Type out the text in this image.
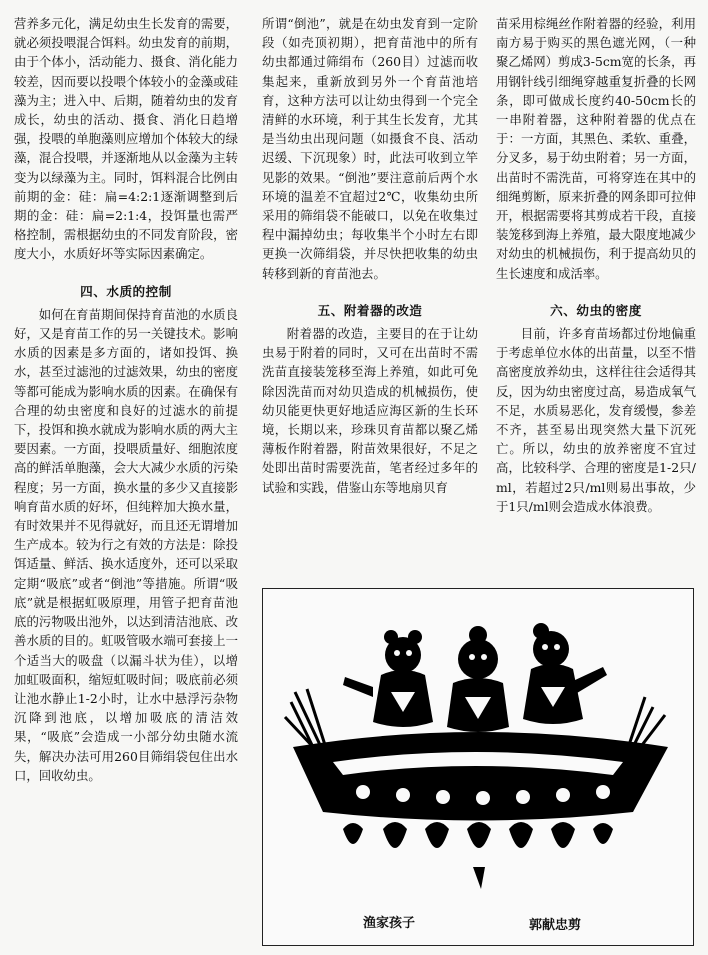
营养多元化，满足幼虫生长发育的需要，就必须投喂混合饵料。幼虫发育的前期，由于个体小，活动能力、摄食、消化能力较差，因而要以投喂个体较小的金藻或硅藻为主；进入中、后期，随着幼虫的发育成长，幼虫的活动、摄食、消化日趋增强，投喂的单胞藻则应增加个体较大的绿藻，混合投喂，并逐渐地从以金藻为主转变为以绿藻为主。同时，饵料混合比例由前期的金：硅：扁=4:2:1逐渐调整到后期的金：硅：扁=2:1:4，投饵量也需严格控制，需根据幼虫的不同发育阶段，密度大小，水质好坏等实际因素确定。

四、水质的控制

如何在育苗期间保持育苗池的水质良好，又是育苗工作的另一关键技术。影响水质的因素是多方面的，诸如投饵、换水，甚至过滤池的过滤效果，幼虫的密度等都可能成为影响水质的因素。在确保有合理的幼虫密度和良好的过滤水的前提下，投饵和换水就成为影响水质的两大主要因素。一方面，投喂质量好、细胞浓度高的鲜活单胞藻，会大大减少水质的污染程度；另一方面，换水量的多少又直接影响育苗水质的好坏，但纯粹加大换水量，有时效果并不见得就好，而且还无谓增加生产成本。较为行之有效的方法是：除投饵适量、鲜活、换水适度外，还可以采取定期“吸底”或者“倒池”等措施。所谓“吸底”就是根据虹吸原理，用管子把育苗池底的污物吸出池外，以达到清洁池底、改善水质的目的。虹吸管吸水端可套接上一个适当大的吸盘（以漏斗状为佳），以增加虹吸面积，缩短虹吸时间；吸底前必须让池水静止1-2小时，让水中悬浮污杂物沉降到池底，以增加吸底的清洁效果，“吸底”会造成一小部分幼虫随水流失，解决办法可用260目筛绢袋包住出水口，回收幼虫。

所谓“倒池”，就是在幼虫发育到一定阶段（如壳顶初期），把育苗池中的所有幼虫都通过筛绢布（260目）过滤而收集起来，重新放到另外一个育苗池培育，这种方法可以让幼虫得到一个完全清鲜的水环境，利于其生长发育，尤其是当幼虫出现问题（如摄食不良、活动迟缓、下沉现象）时，此法可收到立竿见影的效果。“倒池”要注意前后两个水环境的温差不宜超过2℃，收集幼虫所采用的筛绢袋不能破口，以免在收集过程中漏掉幼虫；每收集半个小时左右即更换一次筛绢袋，并尽快把收集的幼虫转移到新的育苗池去。

五、附着器的改造

附着器的改造，主要目的在于让幼虫易于附着的同时，又可在出苗时不需洗苗直接装笼移至海上养殖，如此可免除因洗苗而对幼贝造成的机械损伤，使幼贝能更快更好地适应海区新的生长环境，长期以来，珍珠贝育苗都以聚乙烯薄板作附着器，附苗效果很好，不足之处即出苗时需要洗苗，笔者经过多年的试验和实践，借鉴山东等地扇贝育

苗采用棕绳丝作附着器的经验，利用南方易于购买的黑色遮光网，（一种聚乙烯网）剪成3-5cm宽的长条，再用钢针线引细绳穿越重复折叠的长网条，即可做成长度约40-50cm长的一串附着器，这种附着器的优点在于：一方面，其黑色、柔软、重叠，分叉多，易于幼虫附着；另一方面，出苗时不需洗苗，可将穿连在其中的细绳剪断，原来折叠的网条即可拉伸开，根据需要将其剪成若干段，直接装笼移到海上养殖，最大限度地减少对幼虫的机械损伤，利于提高幼贝的生长速度和成活率。

六、幼虫的密度

目前，许多育苗场都过份地偏重于考虑单位水体的出苗量，以至不惜高密度放养幼虫，这样往往会适得其反，因为幼虫密度过高，易造成氧气不足，水质易恶化，发育缓慢，参差不齐，甚至易出现突然大量下沉死亡。所以，幼虫的放养密度不宜过高，比较科学、合理的密度是1-2只/ml，若超过2只/ml则易出事故，少于1只/ml则会造成水体浪费。

渔家孩子	郭献忠剪
